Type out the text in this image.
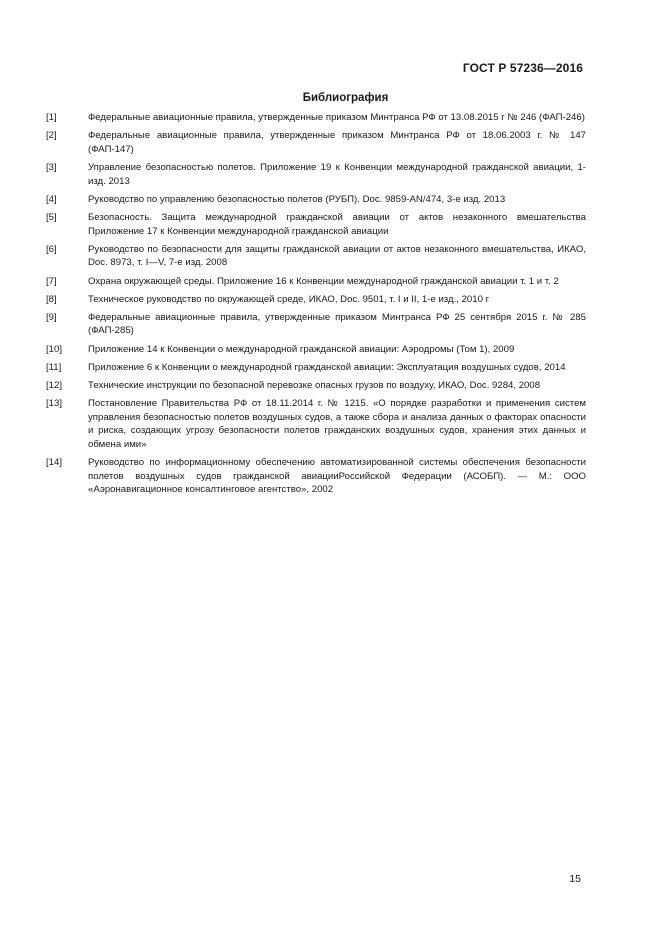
ГОСТ Р 57236—2016
Библиография
[1]	Федеральные авиационные правила, утвержденные приказом Минтранса РФ от 13.08.2015 г № 246 (ФАП-246)
[2]	Федеральные авиационные правила, утвержденные приказом Минтранса РФ от 18.06.2003 г. № 147 (ФАП-147)
[3]	Управление безопасностью полетов. Приложение 19 к Конвенции международной гражданской авиации, 1-изд. 2013
[4]	Руководство по управлению безопасностью полетов (РУБП). Doc. 9859-AN/474, 3-е изд. 2013
[5]	Безопасность. Защита международной гражданской авиации от актов незаконного вмешательства Приложение 17 к Конвенции международной гражданской авиации
[6]	Руководство по безопасности для защиты гражданской авиации от актов незаконного вмешательства, ИКАО, Doc. 8973, т. I—V, 7-е изд. 2008
[7]	Охрана окружающей среды. Приложение 16 к Конвенции международной гражданской авиации т. 1 и т. 2
[8]	Техническое руководство по окружающей среде, ИКАО, Doc. 9501, т. I и II, 1-е изд., 2010 г
[9]	Федеральные авиационные правила, утвержденные приказом Минтранса РФ 25 сентября 2015 г. № 285 (ФАП-285)
[10]	Приложение 14 к Конвенции о международной гражданской авиации: Аэродромы (Том 1), 2009
[11]	Приложение 6 к Конвенции о международной гражданской авиации: Эксплуатация воздушных судов, 2014
[12]	Технические инструкции по безопасной перевозке опасных грузов по воздуху, ИКАО, Doc. 9284, 2008
[13]	Постановление Правительства РФ от 18.11.2014 г. № 1215. «О порядке разработки и применения систем управления безопасностью полетов воздушных судов, а также сбора и анализа данных о факторах опасности и риска, создающих угрозу безопасности полетов гражданских воздушных судов, хранения этих данных и обмена ими»
[14]	Руководство по информационному обеспечению автоматизированной системы обеспечения безопасности полетов воздушных судов гражданской авиацииРоссийской Федерации (АСОБП). — М.: ООО «Аэронавигационное консалтинговое агентство», 2002
15
